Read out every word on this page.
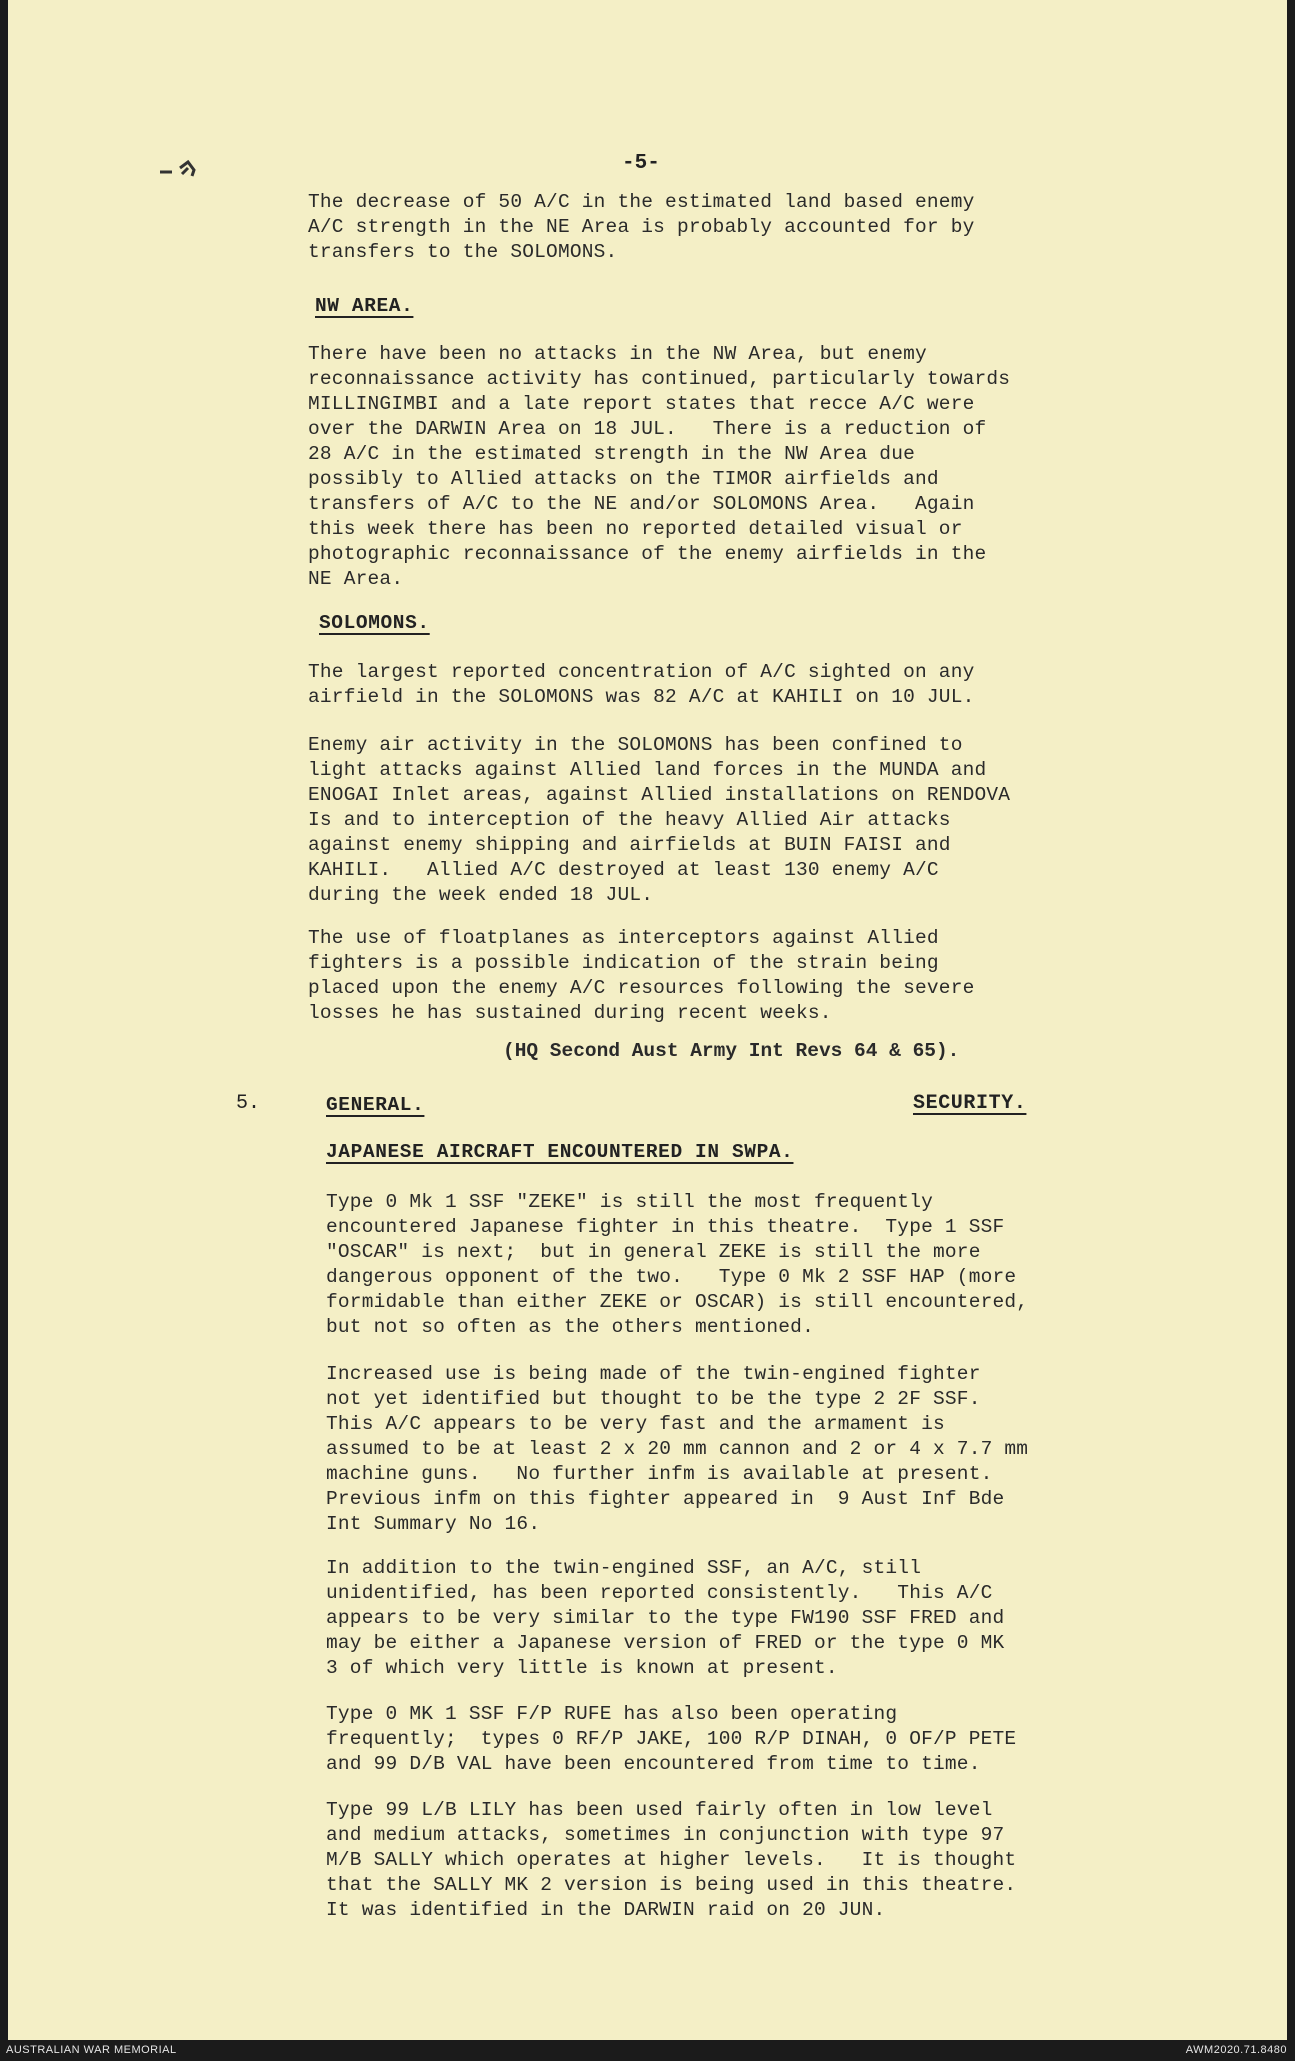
-5-
The decrease of 50 A/C in the estimated land based enemy
A/C strength in the NE Area is probably accounted for by
transfers to the SOLOMONS.
NW AREA.
There have been no attacks in the NW Area, but enemy
reconnaissance activity has continued, particularly towards
MILLINGIMBI and a late report states that recce A/C were
over the DARWIN Area on 18 JUL.   There is a reduction of
28 A/C in the estimated strength in the NW Area due
possibly to Allied attacks on the TIMOR airfields and
transfers of A/C to the NE and/or SOLOMONS Area.   Again
this week there has been no reported detailed visual or
photographic reconnaissance of the enemy airfields in the
NE Area.
SOLOMONS.
The largest reported concentration of A/C sighted on any
airfield in the SOLOMONS was 82 A/C at KAHILI on 10 JUL.
Enemy air activity in the SOLOMONS has been confined to
light attacks against Allied land forces in the MUNDA and
ENOGAI Inlet areas, against Allied installations on RENDOVA
Is and to interception of the heavy Allied Air attacks
against enemy shipping and airfields at BUIN FAISI and
KAHILI.   Allied A/C destroyed at least 130 enemy A/C
during the week ended 18 JUL.
The use of floatplanes as interceptors against Allied
fighters is a possible indication of the strain being
placed upon the enemy A/C resources following the severe
losses he has sustained during recent weeks.
(HQ Second Aust Army Int Revs 64 & 65).
5.	GENERAL.	SECURITY.
JAPANESE AIRCRAFT ENCOUNTERED IN SWPA.
Type 0 Mk 1 SSF "ZEKE" is still the most frequently
encountered Japanese fighter in this theatre.  Type 1 SSF
"OSCAR" is next;  but in general ZEKE is still the more
dangerous opponent of the two.   Type 0 Mk 2 SSF HAP (more
formidable than either ZEKE or OSCAR) is still encountered,
but not so often as the others mentioned.
Increased use is being made of the twin-engined fighter
not yet identified but thought to be the type 2 2F SSF.
This A/C appears to be very fast and the armament is
assumed to be at least 2 x 20 mm cannon and 2 or 4 x 7.7 mm
machine guns.   No further infm is available at present.
Previous infm on this fighter appeared in  9 Aust Inf Bde
Int Summary No 16.
In addition to the twin-engined SSF, an A/C, still
unidentified, has been reported consistently.   This A/C
appears to be very similar to the type FW190 SSF FRED and
may be either a Japanese version of FRED or the type 0 MK
3 of which very little is known at present.
Type 0 MK 1 SSF F/P RUFE has also been operating
frequently;  types 0 RF/P JAKE, 100 R/P DINAH, 0 OF/P PETE
and 99 D/B VAL have been encountered from time to time.
Type 99 L/B LILY has been used fairly often in low level
and medium attacks, sometimes in conjunction with type 97
M/B SALLY which operates at higher levels.   It is thought
that the SALLY MK 2 version is being used in this theatre.
It was identified in the DARWIN raid on 20 JUN.
AUSTRALIAN WAR MEMORIAL	AWM2020.71.8480
